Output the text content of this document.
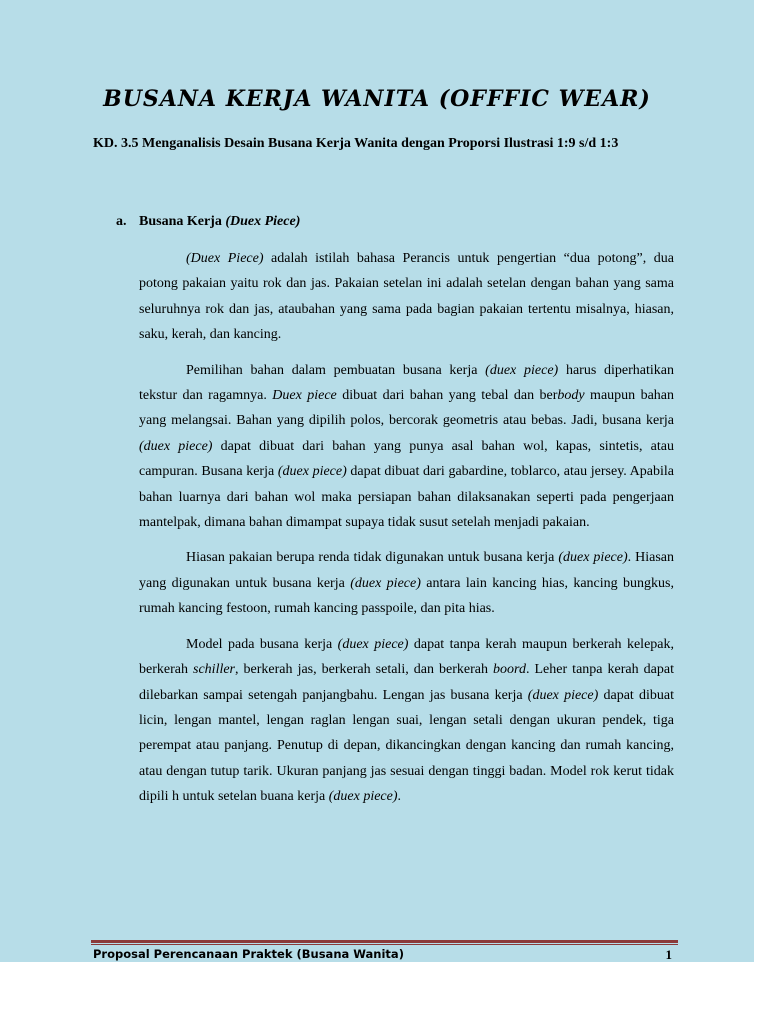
BUSANA KERJA WANITA (OFFFIC WEAR)
KD. 3.5 Menganalisis Desain Busana Kerja Wanita dengan Proporsi Ilustrasi 1:9 s/d 1:3
a. Busana Kerja (Duex Piece)

(Duex Piece) adalah istilah bahasa Perancis untuk pengertian “dua potong”, dua potong pakaian yaitu rok dan jas. Pakaian setelan ini adalah setelan dengan bahan yang sama seluruhnya rok dan jas, ataubahan yang sama pada bagian pakaian tertentu misalnya, hiasan, saku, kerah, dan kancing.

Pemilihan bahan dalam pembuatan busana kerja (duex piece) harus diperhatikan tekstur dan ragamnya. Duex piece dibuat dari bahan yang tebal dan berbody maupun bahan yang melangsai. Bahan yang dipilih polos, bercorak geometris atau bebas. Jadi, busana kerja (duex piece) dapat dibuat dari bahan yang punya asal bahan wol, kapas, sintetis, atau campuran. Busana kerja (duex piece) dapat dibuat dari gabardine, toblarco, atau jersey. Apabila bahan luarnya dari bahan wol maka persiapan bahan dilaksanakan seperti pada pengerjaan mantelpak, dimana bahan dimampat supaya tidak susut setelah menjadi pakaian.

Hiasan pakaian berupa renda tidak digunakan untuk busana kerja (duex piece). Hiasan yang digunakan untuk busana kerja (duex piece) antara lain kancing hias, kancing bungkus, rumah kancing festoon, rumah kancing passpoile, dan pita hias.

Model pada busana kerja (duex piece) dapat tanpa kerah maupun berkerah kelepak, berkerah schiller, berkerah jas, berkerah setali, dan berkerah boord. Leher tanpa kerah dapat dilebarkan sampai setengah panjangbahu. Lengan jas busana kerja (duex piece) dapat dibuat licin, lengan mantel, lengan raglan lengan suai, lengan setali dengan ukuran pendek, tiga perempat atau panjang. Penutup di depan, dikancingkan dengan kancing dan rumah kancing, atau dengan tutup tarik. Ukuran panjang jas sesuai dengan tinggi badan. Model rok kerut tidak dipili h untuk setelan buana kerja (duex piece).

Proposal Perencanaan Praktek (Busana Wanita)	1
